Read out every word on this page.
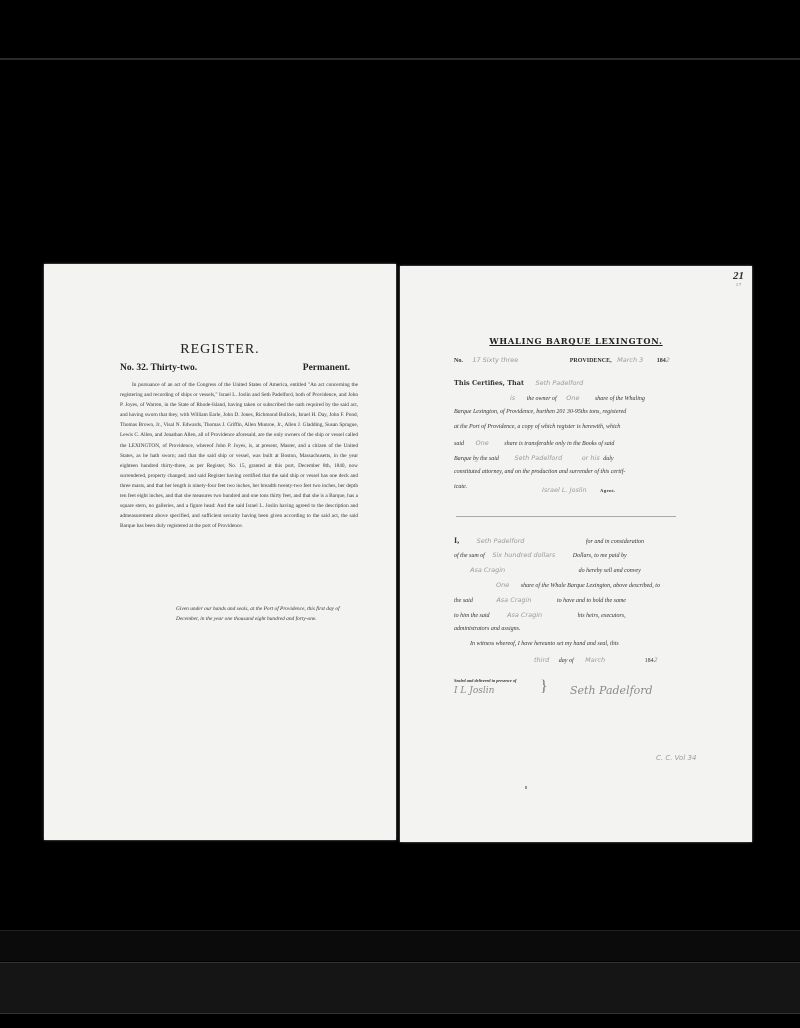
REGISTER.
No. 32. Thirty-two.	Permanent.
In pursuance of an act of the Congress of the United States of America, entitled "An act concerning the registering and recording of ships or vessels," Israel L. Joslin and Seth Padelford, both of Providence, and John P. Joyes, of Warren, in the State of Rhode-Island, having taken or subscribed the oath required by the said act, and having sworn that they, with William Earle, John D. Jones, Richmond Bullock, Israel H. Day, John F. Pond, Thomas Brown, Jr., Visal N. Edwards, Thomas J. Griffin, Allen Munroe, Jr., Allen J. Gladding, Susan Sprague, Lewis C. Allen, and Jonathan Allen, all of Providence aforesaid, are the only owners of the ship or vessel called the LEXINGTON, of Providence, whereof John P. Joyes, is, at present, Master, and a citizen of the United States, as he hath sworn; and that the said ship or vessel, was built at Boston, Massachusetts, in the year eighteen hundred thirty-three, as per Register, No. 15, granted at this port, December 8th, 1840, now surrendered, property changed; and said Register having certified that the said ship or vessel has one deck and three masts, and that her length is ninety-four feet two inches, her breadth twenty-two feet two inches, her depth ten feet eight inches, and that she measures two hundred and one tons thirty feet, and that she is a Barque, has a square stern, no galleries, and a figure head: And the said Israel L. Joslin having agreed to the description and admeasurement above specified, and sufficient security having been given according to the said act, the said Barque has been duly registered at the port of Providence.
Given under our hands and seals, at the Port of Providence, this first day of December, in the year one thousand eight hundred and forty-one.
21
1 7
WHALING BARQUE LEXINGTON.
No. 17 Sixty three	PROVIDENCE, March 3 1842
This Certifies, That Seth Padelford
is the owner of One	share of the Whaling
Barque Lexington, of Providence, burthen 201 30-95ths tons, registered
at the Port of Providence, a copy of which register is herewith, which
said One	share is transferable only in the Books of said
Barque by the said Seth Padelford	or his duly
constituted attorney, and on the production and surrender of this certif-
icate.	Israel L. Joslin	Agent.
I,	Seth Padelford	for and in consideration
of the sum of Six hundred dollars	Dollars, to me paid by
Asa Cragin	do hereby sell and convey
One share of the Whale Barque Lexington, above described, to
the said	Asa Cragin	to have and to hold the same
to him the said	Asa Cragin	his heirs, executors,
administrators and assigns.
In witness whereof, I have hereunto set my hand and seal, this
third day of March	1842
Sealed and delivered in presence of
I L Joslin	} Seth Padelford
C. C. Vol 34
